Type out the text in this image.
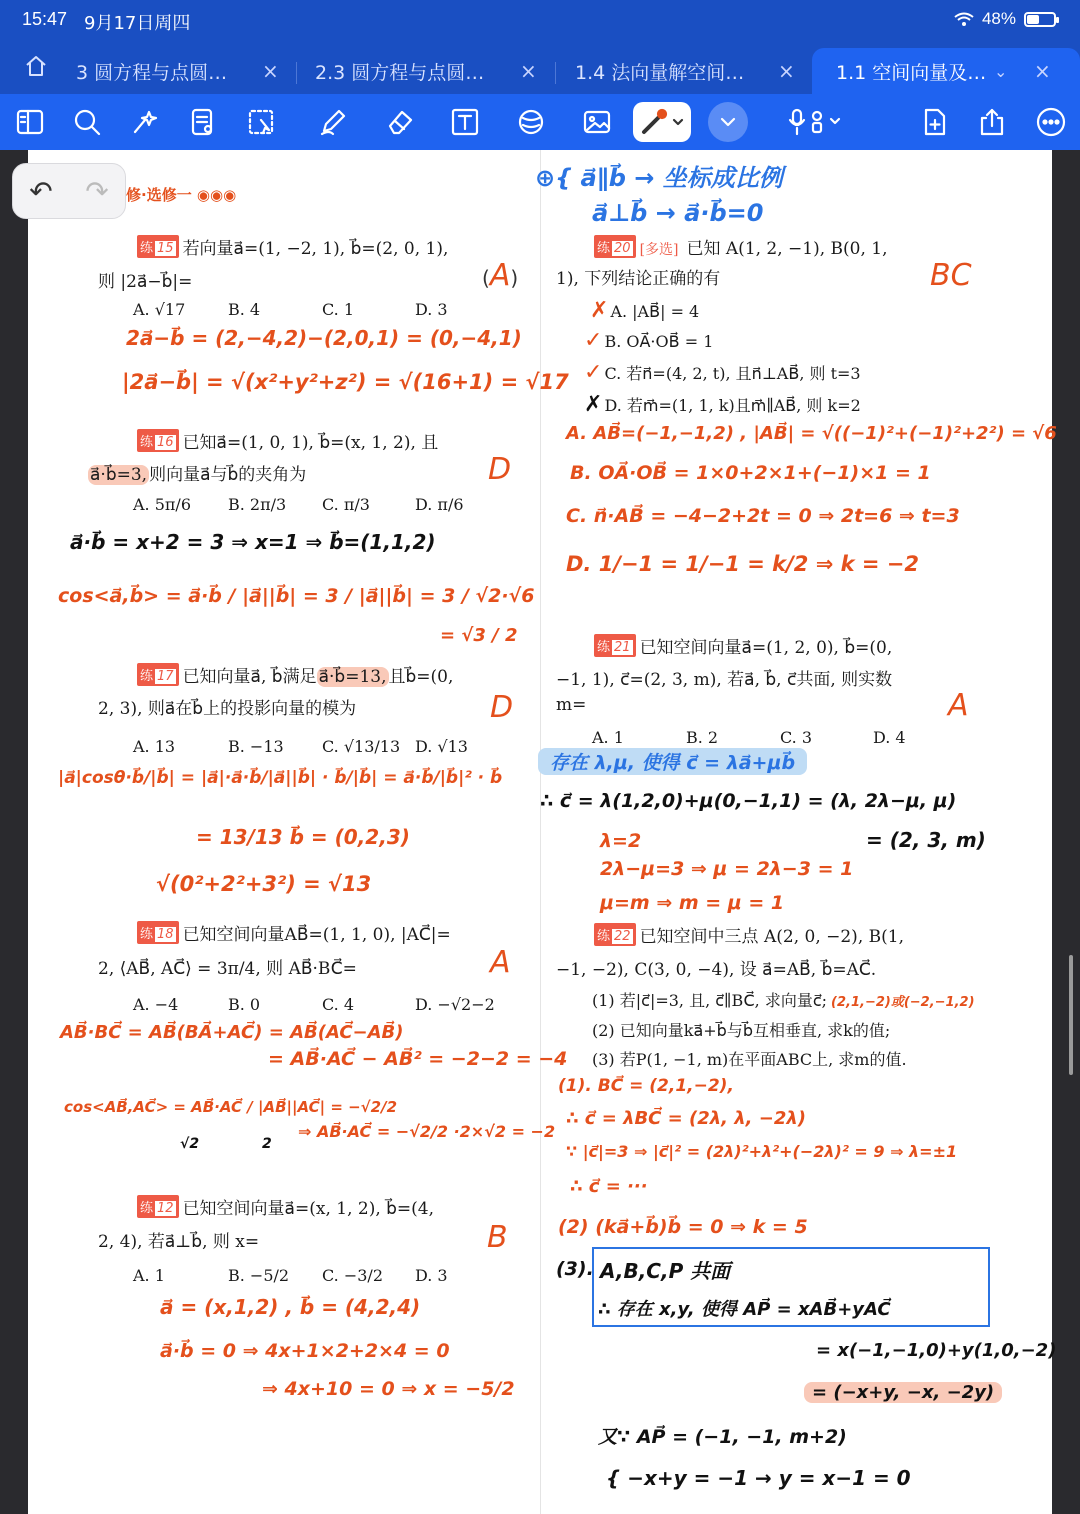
15:47 9月17日周四	48%
3 圆方程与点圆… × 2.3 圆方程与点圆… × 1.4 法向量解空间… × 1.1 空间向量及… ⌄ ×
↶ ↷ 修·选修一 ◉◉◉
⊕{ a⃗∥b⃗ → 坐标成比例
a⃗⊥b⃗ → a⃗·b⃗=0
练 15 若向量a⃗=(1, −2, 1), b⃗=(2, 0, 1),
则 |2a⃗−b⃗|=	(A)
A. √17	B. 4	C. 1	D. 3
2a⃗−b⃗ = (2,−4,2)−(2,0,1) = (0,−4,1)
|2a⃗−b⃗| = √(x²+y²+z²) = √(16+1) = √17
练 16 已知a⃗=(1, 0, 1), b⃗=(x, 1, 2), 且
a⃗·b⃗=3, 则向量a⃗与b⃗的夹角为	D
A. 5π/6 B. 2π/3 C. π/3	D. π/6
a⃗·b⃗ = x+2 = 3 ⇒ x=1 ⇒ b⃗=(1,1,2)
cos<a⃗,b⃗> = a⃗·b⃗ / |a⃗||b⃗| = 3 / |a⃗||b⃗| = 3 / √2·√6
= √3 / 2
练 17 已知向量a⃗, b⃗满足 a⃗·b⃗=13, 且b⃗=(0,
2, 3), 则a⃗在b⃗上的投影向量的模为	D
A. 13	B. −13 C. √13/13 D. √13
|a⃗|cosθ·b⃗/|b⃗| = |a⃗|·a⃗·b⃗/|a⃗||b⃗| · b⃗/|b⃗| = a⃗·b⃗/|b⃗|² · b⃗
= 13/13 b⃗ = (0,2,3)
√(0²+2²+3²) = √13
练 18 已知空间向量AB⃗=(1, 1, 0), |AC⃗|=
2, ⟨AB⃗, AC⃗⟩ = 3π/4, 则 AB⃗·BC⃗=	A
A. −4	B. 0	C. 4	D. −√2−2
AB⃗·BC⃗ = AB⃗(BA⃗+AC⃗) = AB⃗(AC⃗−AB⃗)
= AB⃗·AC⃗ − AB⃗² = −2−2 = −4
cos<AB⃗,AC⃗> = AB⃗·AC⃗ / |AB⃗||AC⃗| = −√2/2
⇒ AB⃗·AC⃗ = −√2/2 ·2×√2 = −2
√2	2
练 12 已知空间向量a⃗=(x, 1, 2), b⃗=(4,
2, 4), 若a⃗⊥b⃗, 则 x=	B
A. 1	B. −5/2 C. −3/2 D. 3
a⃗ = (x,1,2) , b⃗ = (4,2,4)
a⃗·b⃗ = 0 ⇒ 4x+1×2+2×4 = 0
⇒ 4x+10 = 0 ⇒ x = −5/2
练 20 [多选] 已知 A(1, 2, −1), B(0, 1,
1), 下列结论正确的有	BC
✗ A. |AB⃗| = 4
✓ B. OA⃗·OB⃗ = 1
✓ C. 若n⃗=(4, 2, t), 且n⃗⊥AB⃗, 则 t=3
✗ D. 若m⃗=(1, 1, k)且m⃗∥AB⃗, 则 k=2
A. AB⃗=(−1,−1,2) , |AB⃗| = √((−1)²+(−1)²+2²) = √6
B. OA⃗·OB⃗ = 1×0+2×1+(−1)×1 = 1
C. n⃗·AB⃗ = −4−2+2t = 0 ⇒ 2t=6 ⇒ t=3
D. 1/−1 = 1/−1 = k/2 ⇒ k = −2
练 21 已知空间向量a⃗=(1, 2, 0), b⃗=(0,
−1, 1), c⃗=(2, 3, m), 若a⃗, b⃗, c⃗共面, 则实数
m=	A
A. 1	B. 2	C. 3	D. 4
存在 λ,μ, 使得 c⃗ = λa⃗+μb⃗
∴ c⃗ = λ(1,2,0)+μ(0,−1,1) = (λ, 2λ−μ, μ)
= (2, 3, m)
λ=2
2λ−μ=3 ⇒ μ = 2λ−3 = 1
μ=m ⇒ m = μ = 1
练 22 已知空间中三点 A(2, 0, −2), B(1,
−1, −2), C(3, 0, −4), 设 a⃗=AB⃗, b⃗=AC⃗.
(1) 若|c⃗|=3, 且, c⃗∥BC⃗, 求向量c⃗; (2,1,−2)或(−2,−1,2)
(2) 已知向量ka⃗+b⃗与b⃗互相垂直, 求k的值;
(3) 若P(1, −1, m)在平面ABC上, 求m的值.
(1). BC⃗ = (2,1,−2),
∴ c⃗ = λBC⃗ = (2λ, λ, −2λ)
∵ |c⃗|=3 ⇒ |c⃗|² = (2λ)²+λ²+(−2λ)² = 9 ⇒ λ=±1
∴ c⃗ = ···
(2) (ka⃗+b⃗)b⃗ = 0 ⇒ k = 5
(3). A,B,C,P 共面
∴ 存在 x,y, 使得 AP⃗ = xAB⃗+yAC⃗
= x(−1,−1,0)+y(1,0,−2)
= (−x+y, −x, −2y)
又∵ AP⃗ = (−1, −1, m+2)
{ −x+y = −1 → y = x−1 = 0
